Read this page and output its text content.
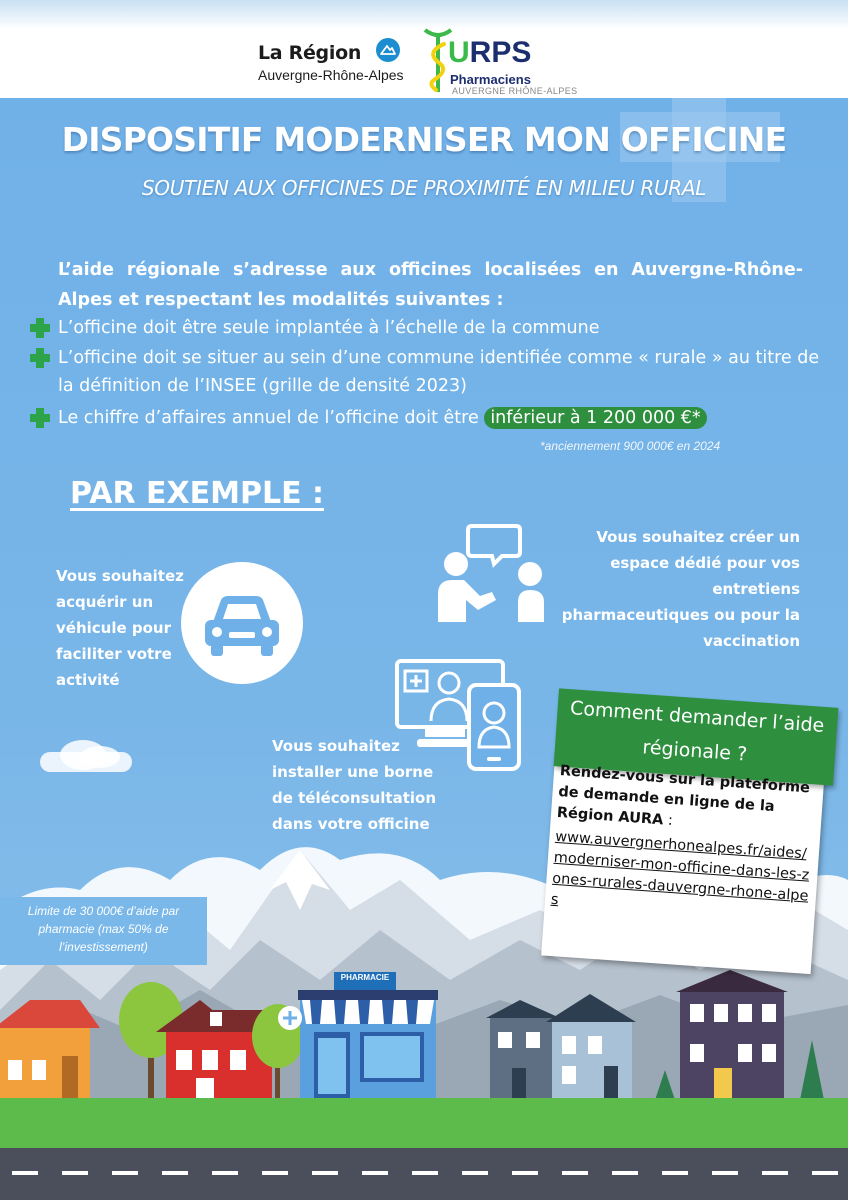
La Région
Auvergne-Rhône-Alpes
URPS
Pharmaciens
AUVERGNE RHÔNE-ALPES
DISPOSITIF MODERNISER MON OFFICINE
SOUTIEN AUX OFFICINES DE PROXIMITÉ EN MILIEU RURAL
L’aide régionale s’adresse aux officines localisées en Auvergne-Rhône-Alpes et respectant les modalités suivantes :
L’officine doit être seule implantée à l’échelle de la commune
L’officine doit se situer au sein d’une commune identifiée comme « rurale » au titre de la définition de l’INSEE (grille de densité 2023)
Le chiffre d’affaires annuel de l’officine doit être inférieur à 1 200 000 €*
*anciennement 900 000€ en 2024
PAR EXEMPLE :
Vous souhaitez acquérir un véhicule pour faciliter votre activité
Vous souhaitez créer un espace dédié pour vos entretiens pharmaceutiques ou pour la vaccination
Vous souhaitez installer une borne de téléconsultation dans votre officine
PHARMACIE
Comment demander l’aide régionale ?
Rendez-vous sur la plateforme de demande en ligne de la Région AURA :
www.auvergnerhonealpes.fr/aides/moderniser-mon-officine-dans-les-zones-rurales-dauvergne-rhone-alpes
Limite de 30 000€ d’aide par pharmacie (max 50% de l’investissement)
